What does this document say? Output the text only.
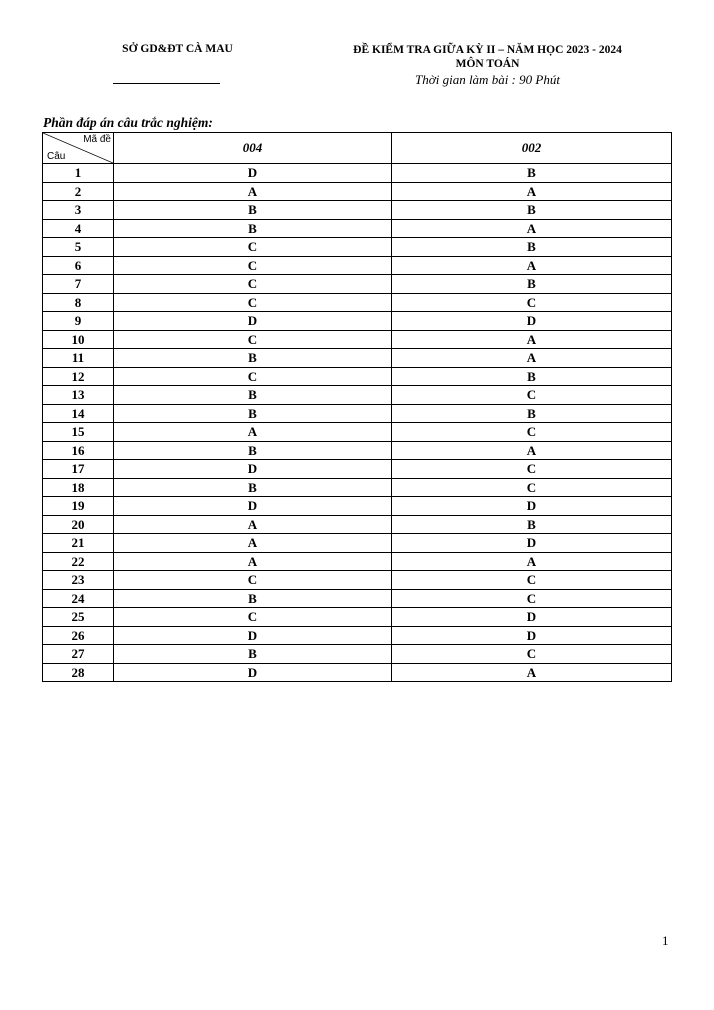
SỞ GD&ĐT CÀ MAU	ĐỀ KIỂM TRA GIỮA KỲ II – NĂM HỌC 2023 - 2024
MÔN TOÁN
Thời gian làm bài : 90 Phút
Phần đáp án câu trắc nghiệm:
Mã đề
Câu	004	002
1	D	B
2	A	A
3	B	B
4	B	A
5	C	B
6	C	A
7	C	B
8	C	C
9	D	D
10	C	A
11	B	A
12	C	B
13	B	C
14	B	B
15	A	C
16	B	A
17	D	C
18	B	C
19	D	D
20	A	B
21	A	D
22	A	A
23	C	C
24	B	C
25	C	D
26	D	D
27	B	C
28	D	A
1
